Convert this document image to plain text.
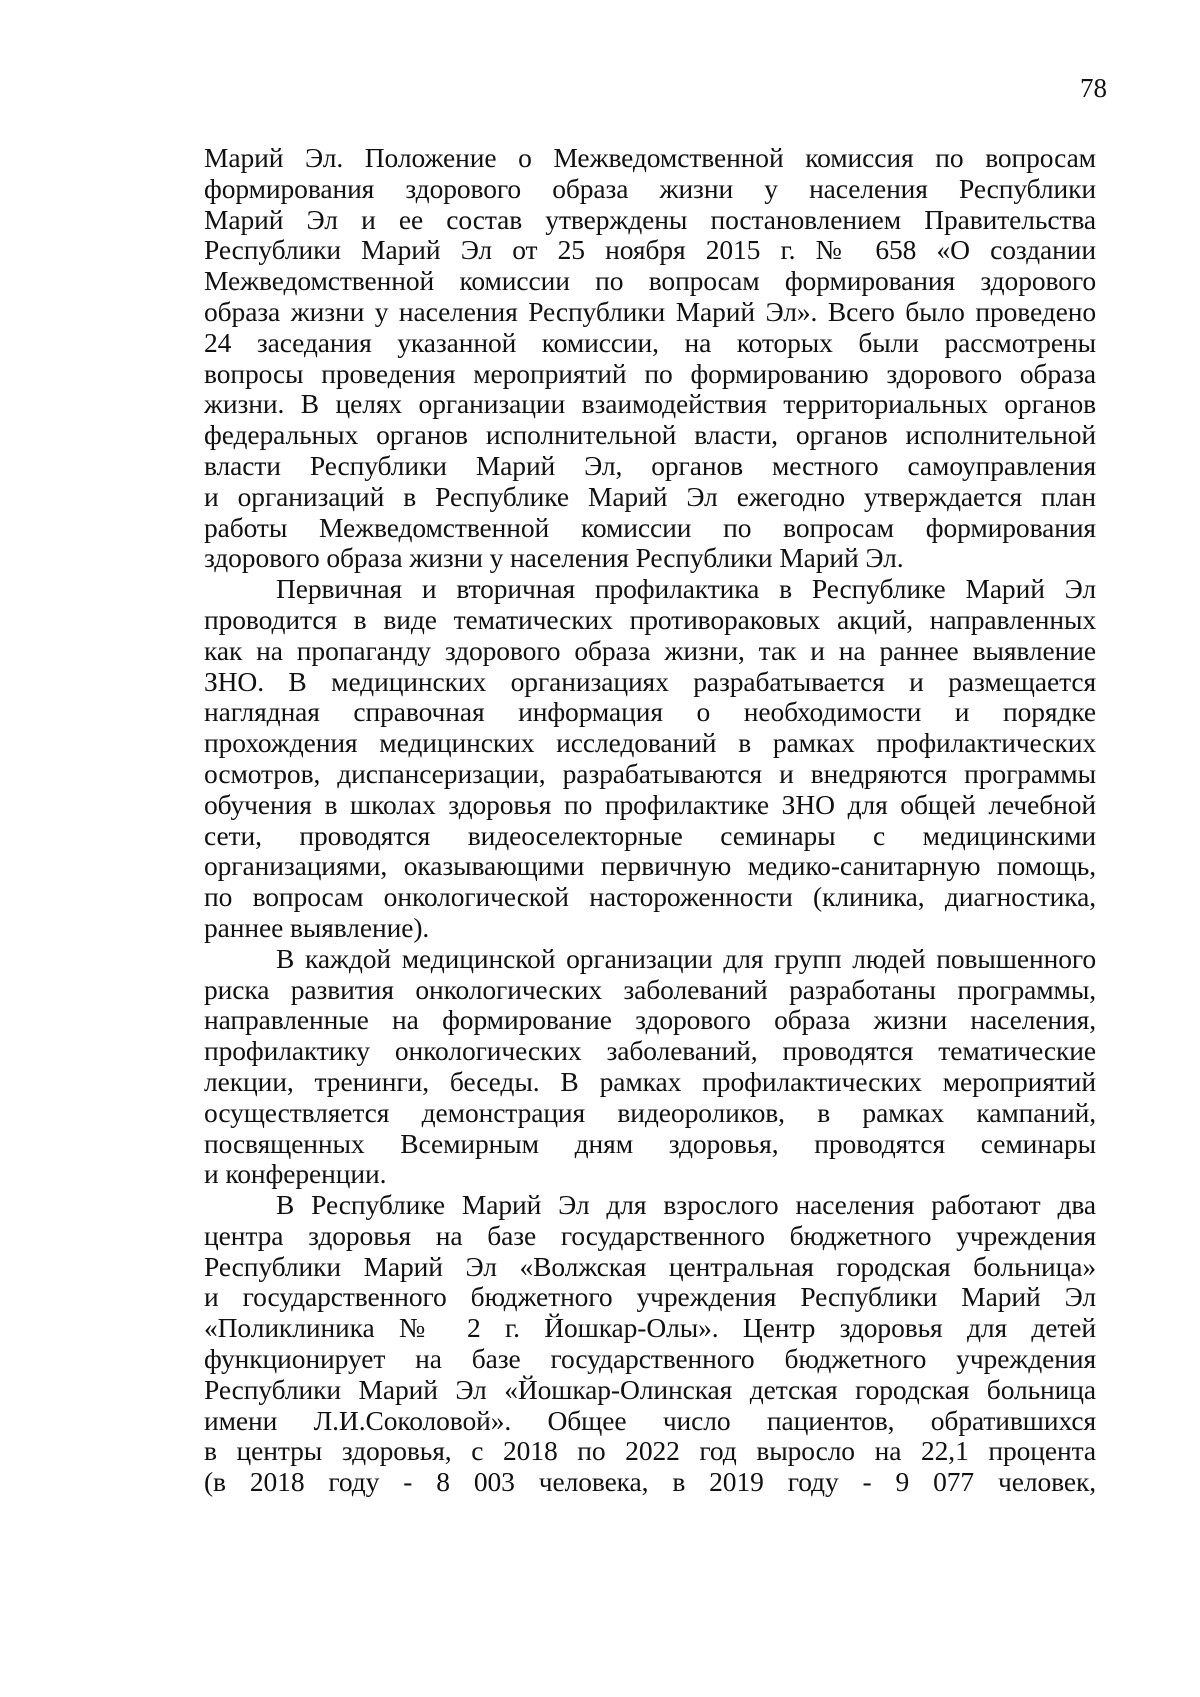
78

Марий Эл. Положение о Межведомственной комиссия по вопросам
формирования здорового образа жизни у населения Республики
Марий Эл и ее состав утверждены постановлением Правительства
Республики Марий Эл от 25 ноября 2015 г. № 658 «О создании
Межведомственной комиссии по вопросам формирования здорового
образа жизни у населения Республики Марий Эл». Всего было проведено
24 заседания указанной комиссии, на которых были рассмотрены
вопросы проведения мероприятий по формированию здорового образа
жизни. В целях организации взаимодействия территориальных органов
федеральных органов исполнительной власти, органов исполнительной
власти Республики Марий Эл, органов местного самоуправления
и организаций в Республике Марий Эл ежегодно утверждается план
работы Межведомственной комиссии по вопросам формирования
здорового образа жизни у населения Республики Марий Эл.

Первичная и вторичная профилактика в Республике Марий Эл
проводится в виде тематических противораковых акций, направленных
как на пропаганду здорового образа жизни, так и на раннее выявление
ЗНО. В медицинских организациях разрабатывается и размещается
наглядная справочная информация о необходимости и порядке
прохождения медицинских исследований в рамках профилактических
осмотров, диспансеризации, разрабатываются и внедряются программы
обучения в школах здоровья по профилактике ЗНО для общей лечебной
сети, проводятся видеоселекторные семинары с медицинскими
организациями, оказывающими первичную медико-санитарную помощь,
по вопросам онкологической настороженности (клиника, диагностика,
раннее выявление).

В каждой медицинской организации для групп людей повышенного
риска развития онкологических заболеваний разработаны программы,
направленные на формирование здорового образа жизни населения,
профилактику онкологических заболеваний, проводятся тематические
лекции, тренинги, беседы. В рамках профилактических мероприятий
осуществляется демонстрация видеороликов, в рамках кампаний,
посвященных Всемирным дням здоровья, проводятся семинары
и конференции.

В Республике Марий Эл для взрослого населения работают два
центра здоровья на базе государственного бюджетного учреждения
Республики Марий Эл «Волжская центральная городская больница»
и государственного бюджетного учреждения Республики Марий Эл
«Поликлиника № 2 г. Йошкар-Олы». Центр здоровья для детей
функционирует на базе государственного бюджетного учреждения
Республики Марий Эл «Йошкар-Олинская детская городская больница
имени Л.И.Соколовой». Общее число пациентов, обратившихся
в центры здоровья, с 2018 по 2022 год выросло на 22,1 процента
(в 2018 году - 8 003 человека, в 2019 году - 9 077 человек,
